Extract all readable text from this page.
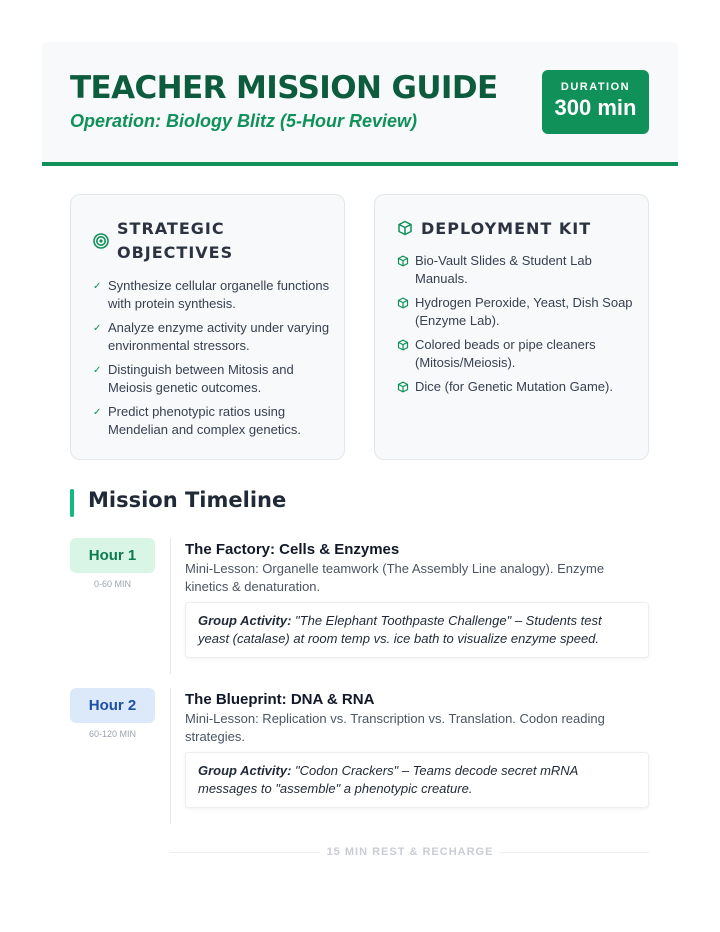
TEACHER MISSION GUIDE
Operation: Biology Blitz (5-Hour Review)
DURATION
300 min
STRATEGIC OBJECTIVES
✓ Synthesize cellular organelle functions with protein synthesis.
✓ Analyze enzyme activity under varying environmental stressors.
✓ Distinguish between Mitosis and Meiosis genetic outcomes.
✓ Predict phenotypic ratios using Mendelian and complex genetics.
DEPLOYMENT KIT
Bio-Vault Slides & Student Lab Manuals.
Hydrogen Peroxide, Yeast, Dish Soap (Enzyme Lab).
Colored beads or pipe cleaners (Mitosis/Meiosis).
Dice (for Genetic Mutation Game).
Mission Timeline
Hour 1
0-60 MIN
The Factory: Cells & Enzymes
Mini-Lesson: Organelle teamwork (The Assembly Line analogy). Enzyme kinetics & denaturation.
Group Activity: "The Elephant Toothpaste Challenge" – Students test yeast (catalase) at room temp vs. ice bath to visualize enzyme speed.
Hour 2
60-120 MIN
The Blueprint: DNA & RNA
Mini-Lesson: Replication vs. Transcription vs. Translation. Codon reading strategies.
Group Activity: "Codon Crackers" – Teams decode secret mRNA messages to "assemble" a phenotypic creature.
15 MIN REST & RECHARGE
